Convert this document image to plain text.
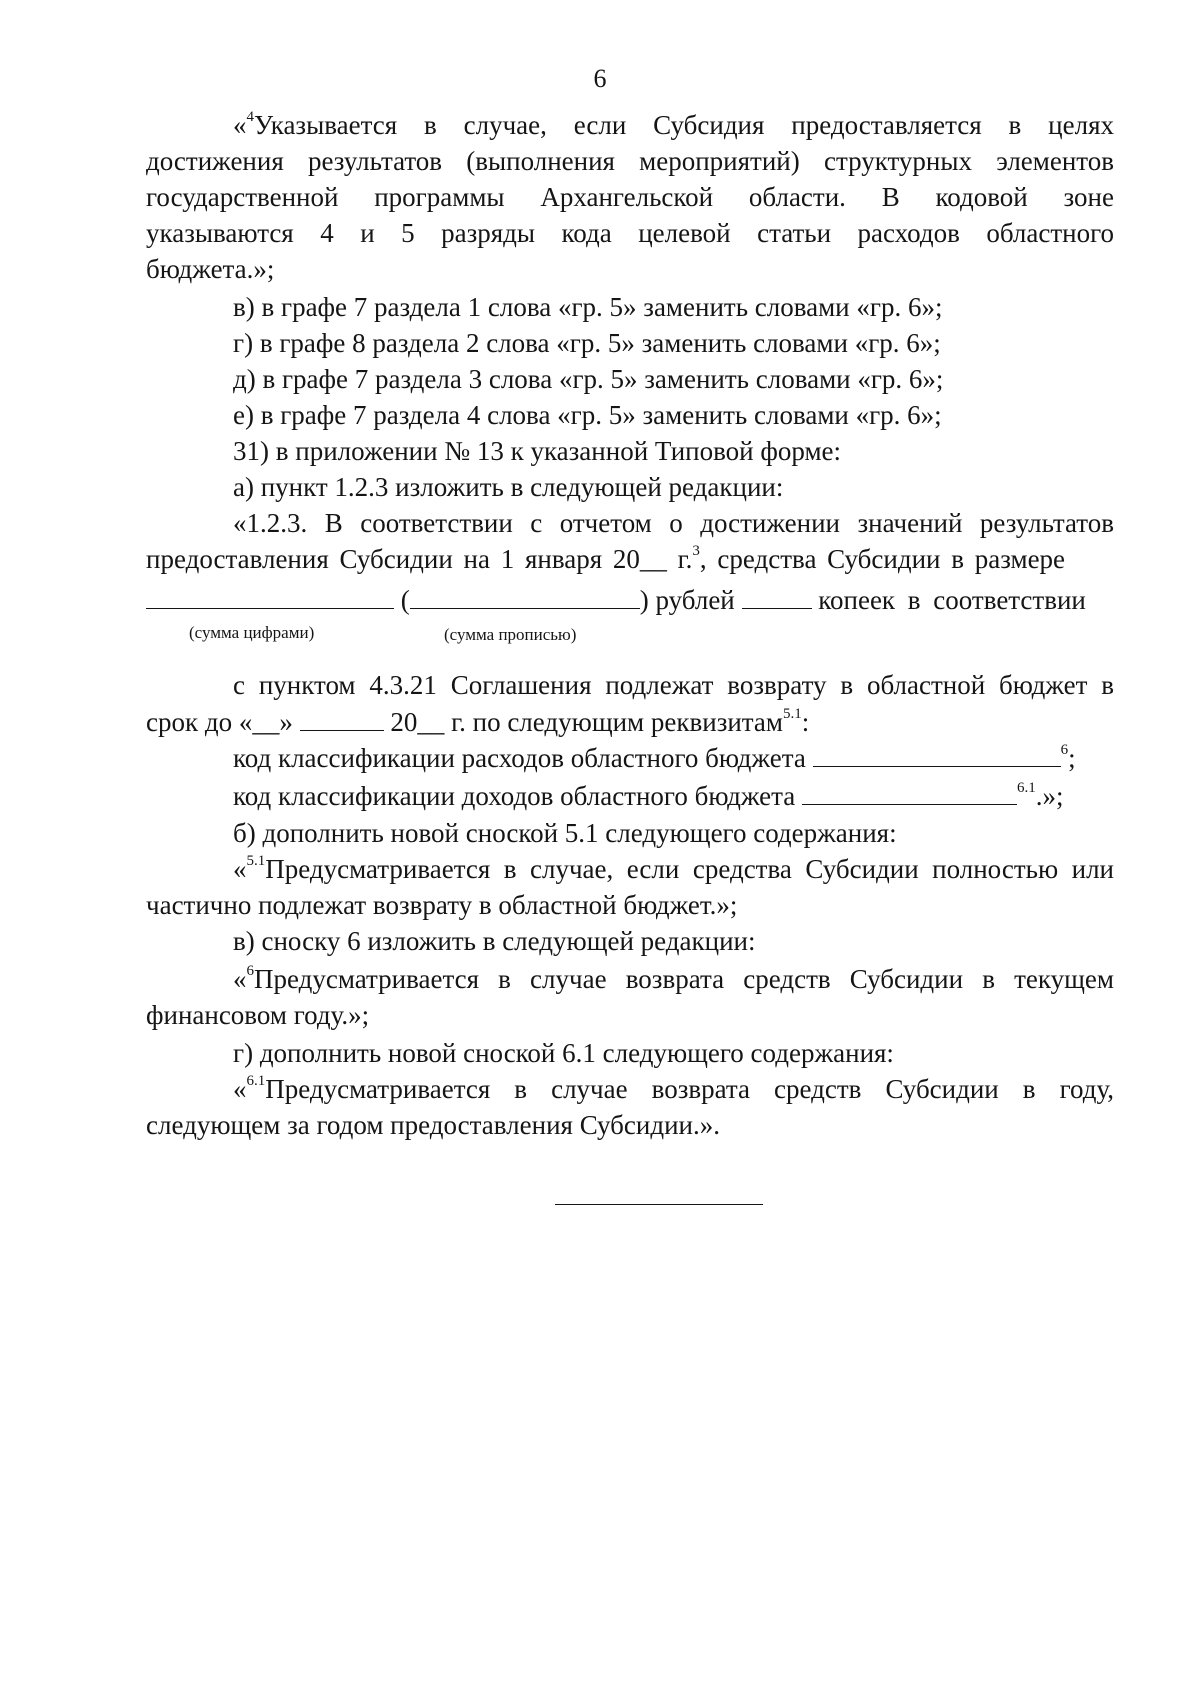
6
«$^4$Указывается в случае, если Субсидия предоставляется в целях
достижения результатов (выполнения мероприятий) структурных элементов
государственной программы Архангельской области. В кодовой зоне
указываются 4 и 5 разряды кода целевой статьи расходов областного
бюджета.»;
в) в графе 7 раздела 1 слова «гр. 5» заменить словами «гр. 6»;
г) в графе 8 раздела 2 слова «гр. 5» заменить словами «гр. 6»;
д) в графе 7 раздела 3 слова «гр. 5» заменить словами «гр. 6»;
е) в графе 7 раздела 4 слова «гр. 5» заменить словами «гр. 6»;
31) в приложении № 13 к указанной Типовой форме:
а) пункт 1.2.3 изложить в следующей редакции:
«1.2.3. В соответствии с отчетом о достижении значений результатов
предоставления Субсидии на 1 января 20__ г.$^3$, средства Субсидии в размере
(	) рублей	копеек в соответствии
(сумма цифрами)	(сумма прописью)
с пунктом 4.3.21 Соглашения подлежат возврату в областной бюджет в
срок до «__»	20__ г. по следующим реквизитам$^{5.1}$:
код классификации расходов областного бюджета	$^6$;
код классификации доходов областного бюджета	$^{6.1}$.»;
б) дополнить новой сноской 5.1 следующего содержания:
«$^{5.1}$Предусматривается в случае, если средства Субсидии полностью или
частично подлежат возврату в областной бюджет.»;
в) сноску 6 изложить в следующей редакции:
«$^6$Предусматривается в случае возврата средств Субсидии в текущем
финансовом году.»;
г) дополнить новой сноской 6.1 следующего содержания:
«$^{6.1}$Предусматривается в случае возврата средств Субсидии в году,
следующем за годом предоставления Субсидии.».
